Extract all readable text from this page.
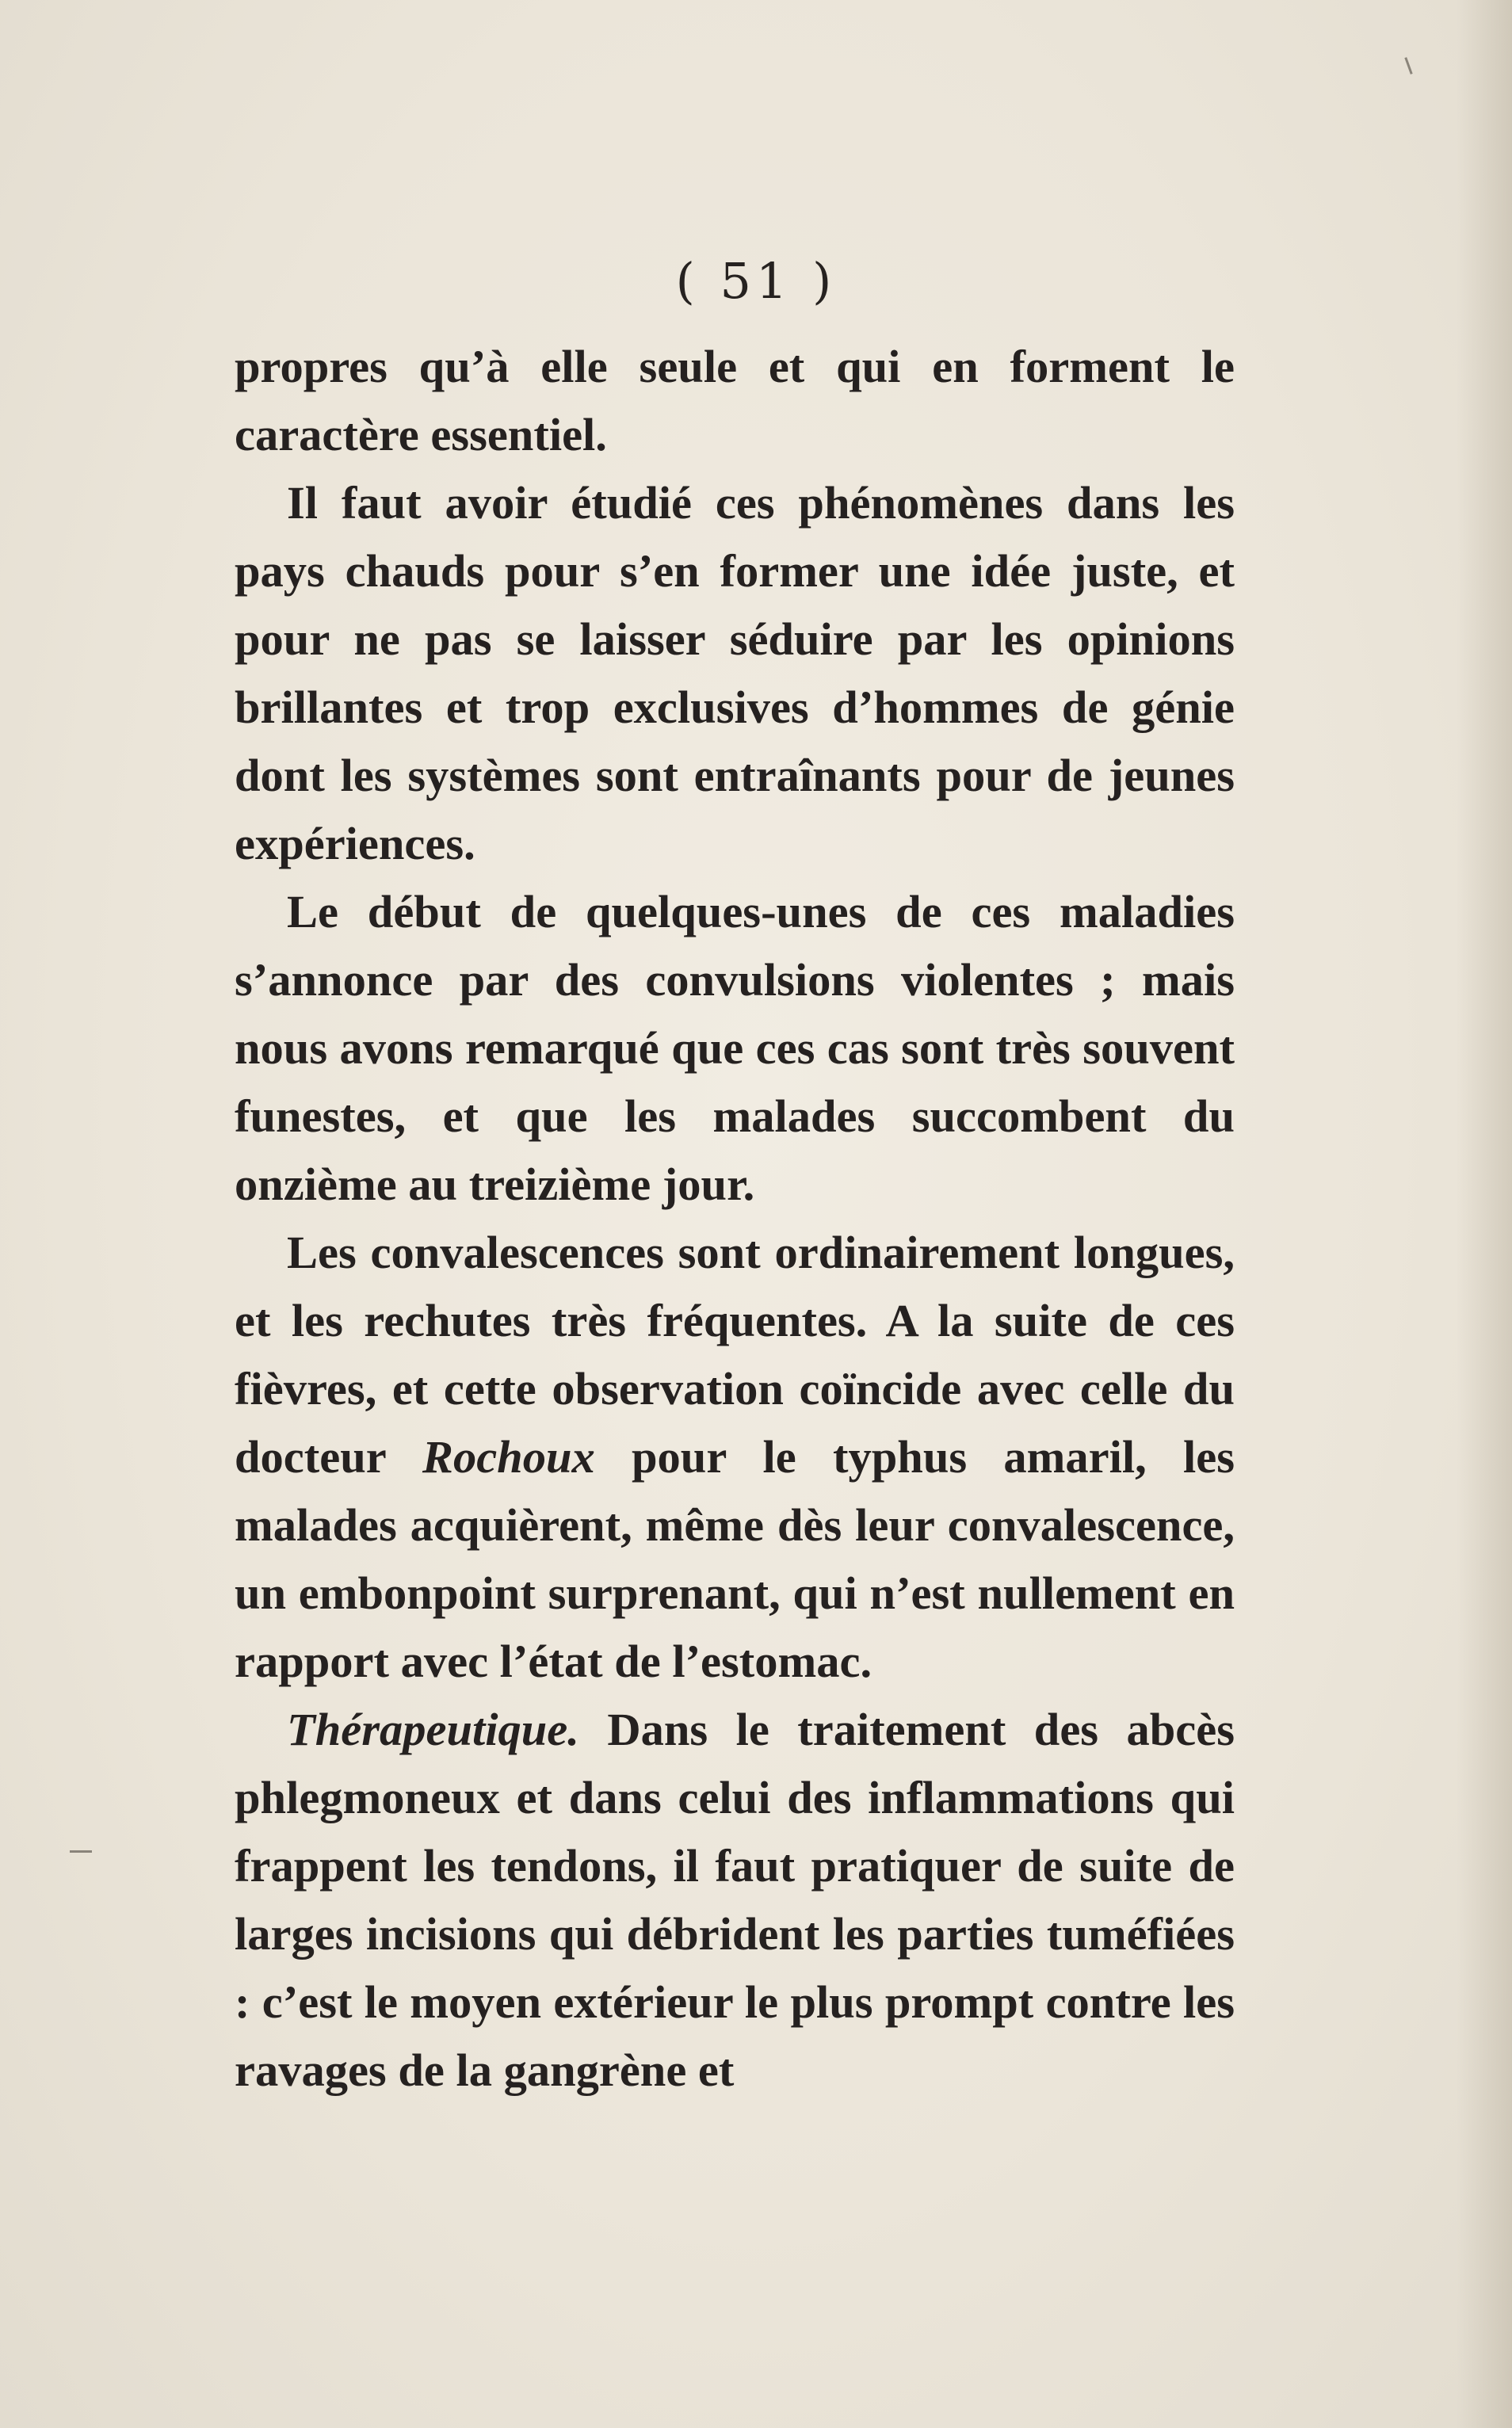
( 51 )

propres qu’à elle seule et qui en forment le caractère essentiel.

Il faut avoir étudié ces phénomènes dans les pays chauds pour s’en former une idée juste, et pour ne pas se laisser séduire par les opinions brillantes et trop exclusives d’hommes de génie dont les systèmes sont entraînants pour de jeunes expériences.

Le début de quelques-unes de ces maladies s’annonce par des convulsions violentes ; mais nous avons remarqué que ces cas sont très souvent funestes, et que les malades succombent du onzième au treizième jour.

Les convalescences sont ordinairement longues, et les rechutes très fréquentes. A la suite de ces fièvres, et cette observation coïncide avec celle du docteur Rochoux pour le typhus amaril, les malades acquièrent, même dès leur convalescence, un embonpoint surprenant, qui n’est nullement en rapport avec l’état de l’estomac.

Thérapeutique. Dans le traitement des abcès phlegmoneux et dans celui des inflammations qui frappent les tendons, il faut pratiquer de suite de larges incisions qui débrident les parties tuméfiées : c’est le moyen extérieur le plus prompt contre les ravages de la gangrène et
